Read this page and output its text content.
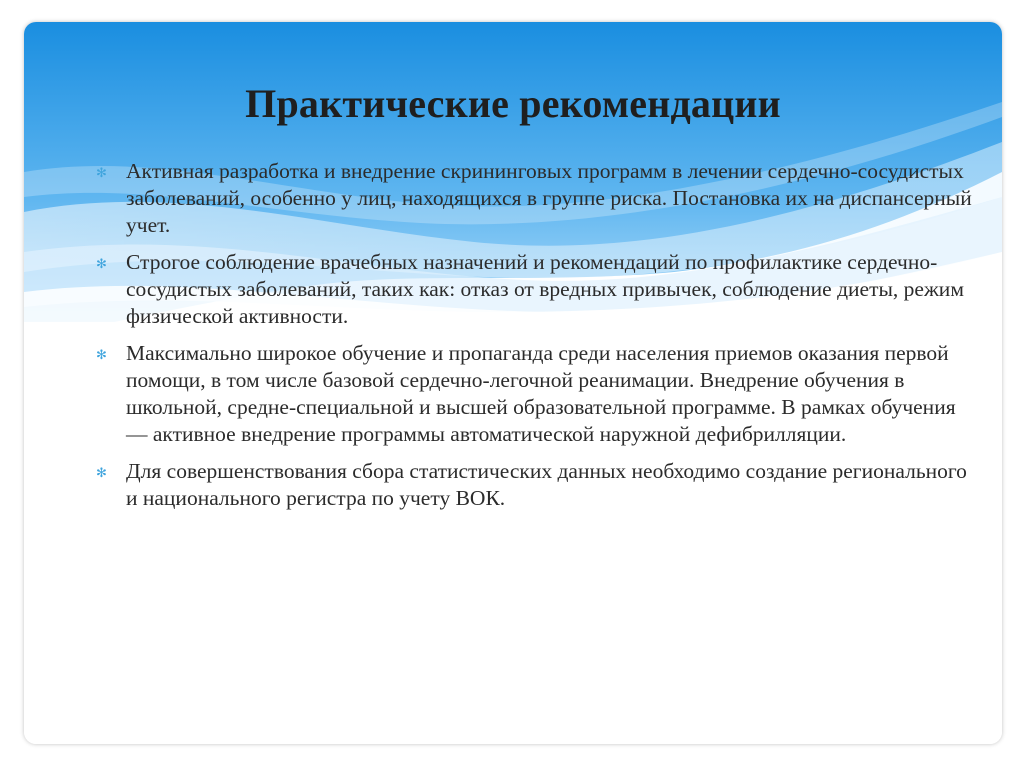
Практические рекомендации
✻ Активная разработка и внедрение скрининговых программ в лечении сердечно-сосудистых заболеваний, особенно у лиц, находящихся в группе риска. Постановка их на диспансерный учет.
✻ Строгое соблюдение врачебных назначений и рекомендаций по профилактике сердечно-сосудистых заболеваний, таких как: отказ от вредных привычек, соблюдение диеты, режим физической активности.
✻ Максимально широкое обучение и пропаганда среди населения приемов оказания первой помощи, в том числе базовой сердечно-легочной реанимации. Внедрение обучения в школьной, средне-специальной и высшей образовательной программе. В рамках обучения — активное внедрение программы автоматической наружной дефибрилляции.
✻ Для совершенствования сбора статистических данных необходимо создание регионального и национального регистра по учету ВОК.
